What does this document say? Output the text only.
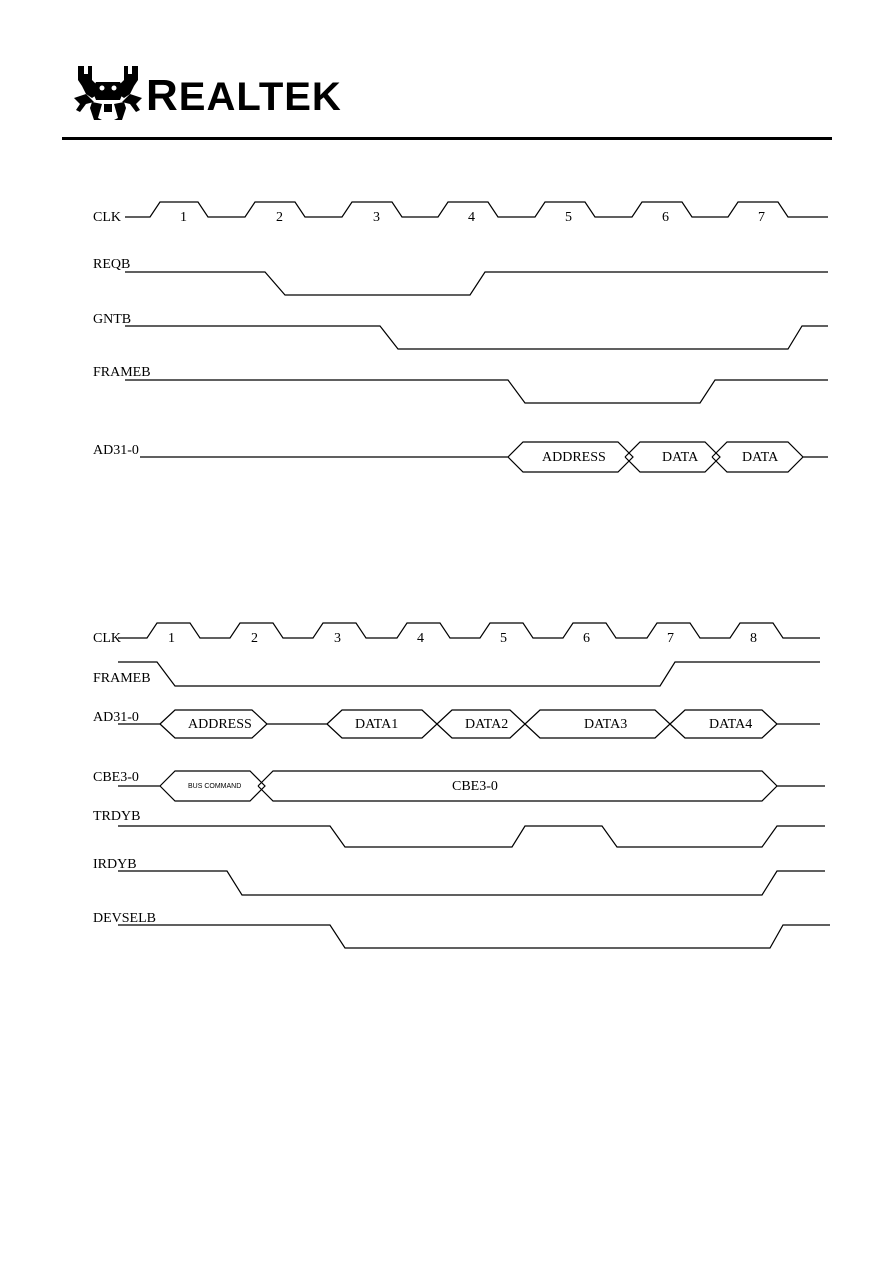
REALTEK
CLK
REQB
GNTB
FRAMEB
AD31-0
1	2	3	4	5	6	7
ADDRESS	DATA	DATA
CLK
FRAMEB
AD31-0
CBE3-0
TRDYB
IRDYB
DEVSELB
1	2	3	4	5	6	7	8
ADDRESS	DATA1	DATA2	DATA3	DATA4
BUS COMMAND	CBE3-0
